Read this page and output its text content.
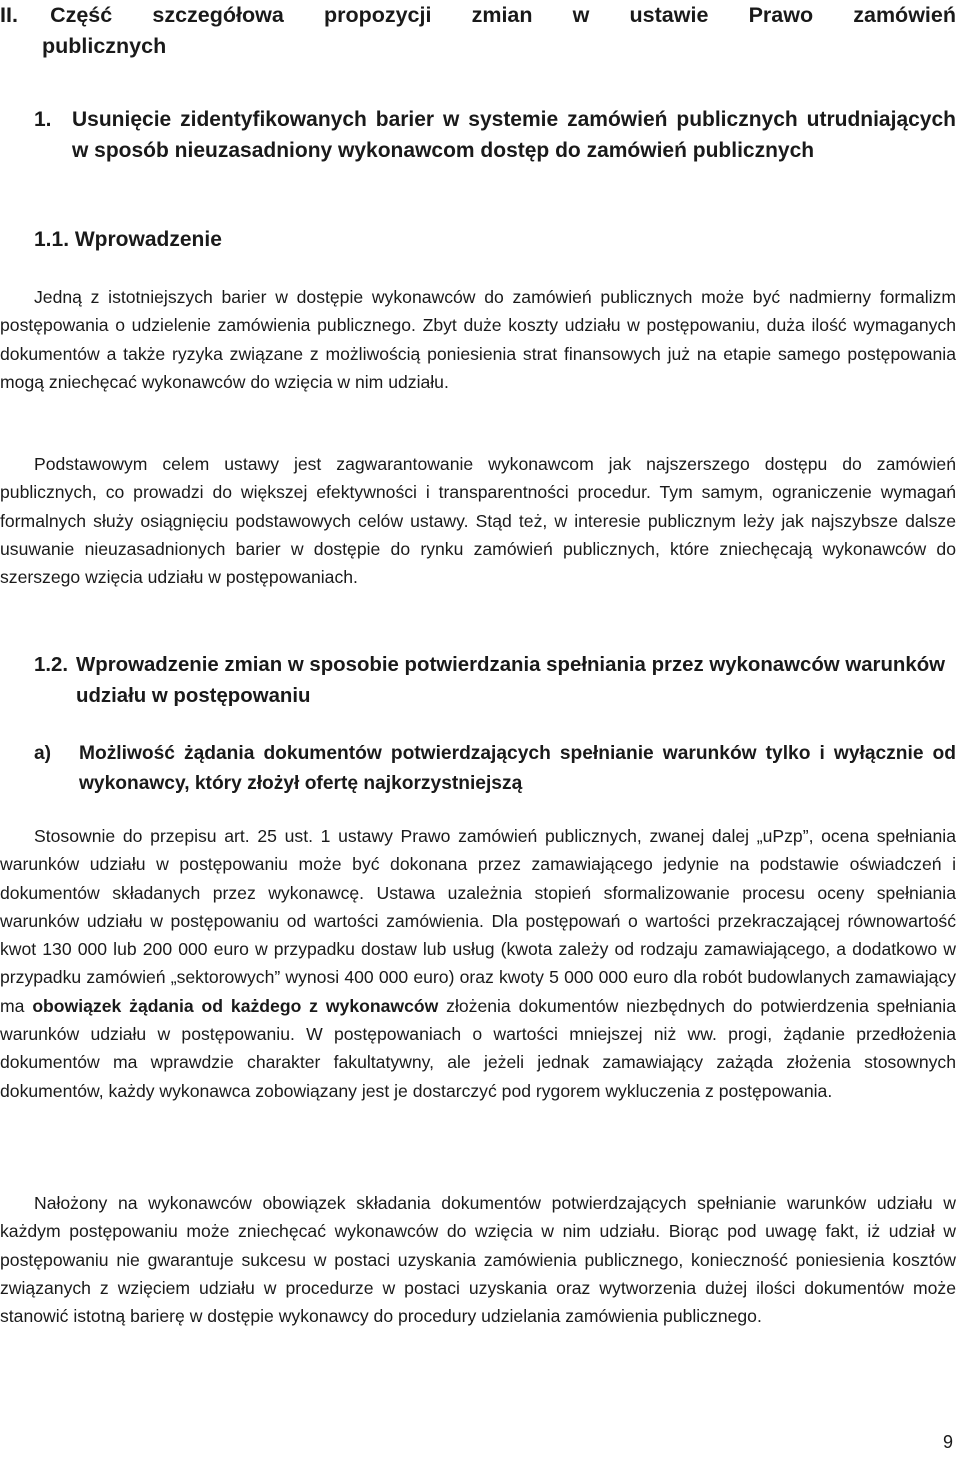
II. Część szczegółowa propozycji zmian w ustawie Prawo zamówień
publicznych
1. Usunięcie zidentyfikowanych barier w systemie zamówień publicznych utrudniających w sposób nieuzasadniony wykonawcom dostęp do zamówień publicznych
1.1. Wprowadzenie

Jedną z istotniejszych barier w dostępie wykonawców do zamówień publicznych może być nadmierny formalizm postępowania o udzielenie zamówienia publicznego. Zbyt duże koszty udziału w postępowaniu, duża ilość wymaganych dokumentów a także ryzyka związane z możliwością poniesienia strat finansowych już na etapie samego postępowania mogą zniechęcać wykonawców do wzięcia w nim udziału.

Podstawowym celem ustawy jest zagwarantowanie wykonawcom jak najszerszego dostępu do zamówień publicznych, co prowadzi do większej efektywności i transparentności procedur. Tym samym, ograniczenie wymagań formalnych służy osiągnięciu podstawowych celów ustawy. Stąd też, w interesie publicznym leży jak najszybsze dalsze usuwanie nieuzasadnionych barier w dostępie do rynku zamówień publicznych, które zniechęcają wykonawców do szerszego wzięcia udziału w postępowaniach.

1.2. Wprowadzenie zmian w sposobie potwierdzania spełniania przez wykonawców warunków udziału w postępowaniu
a) Możliwość żądania dokumentów potwierdzających spełnianie warunków tylko i wyłącznie od wykonawcy, który złożył ofertę najkorzystniejszą

Stosownie do przepisu art. 25 ust. 1 ustawy Prawo zamówień publicznych, zwanej dalej „uPzp”, ocena spełniania warunków udziału w postępowaniu może być dokonana przez zamawiającego jedynie na podstawie oświadczeń i dokumentów składanych przez wykonawcę. Ustawa uzależnia stopień sformalizowanie procesu oceny spełniania warunków udziału w postępowaniu od wartości zamówienia. Dla postępowań o wartości przekraczającej równowartość kwot 130 000 lub 200 000 euro w przypadku dostaw lub usług (kwota zależy od rodzaju zamawiającego, a dodatkowo w przypadku zamówień „sektorowych” wynosi 400 000 euro) oraz kwoty 5 000 000 euro dla robót budowlanych zamawiający ma obowiązek żądania od każdego z wykonawców złożenia dokumentów niezbędnych do potwierdzenia spełniania warunków udziału w postępowaniu. W postępowaniach o wartości mniejszej niż ww. progi, żądanie przedłożenia dokumentów ma wprawdzie charakter fakultatywny, ale jeżeli jednak zamawiający zażąda złożenia stosownych dokumentów, każdy wykonawca zobowiązany jest je dostarczyć pod rygorem wykluczenia z postępowania.

Nałożony na wykonawców obowiązek składania dokumentów potwierdzających spełnianie warunków udziału w każdym postępowaniu może zniechęcać wykonawców do wzięcia w nim udziału. Biorąc pod uwagę fakt, iż udział w postępowaniu nie gwarantuje sukcesu w postaci uzyskania zamówienia publicznego, konieczność poniesienia kosztów związanych z wzięciem udziału w procedurze w postaci uzyskania oraz wytworzenia dużej ilości dokumentów może stanowić istotną barierę w dostępie wykonawcy do procedury udzielania zamówienia publicznego.

9
